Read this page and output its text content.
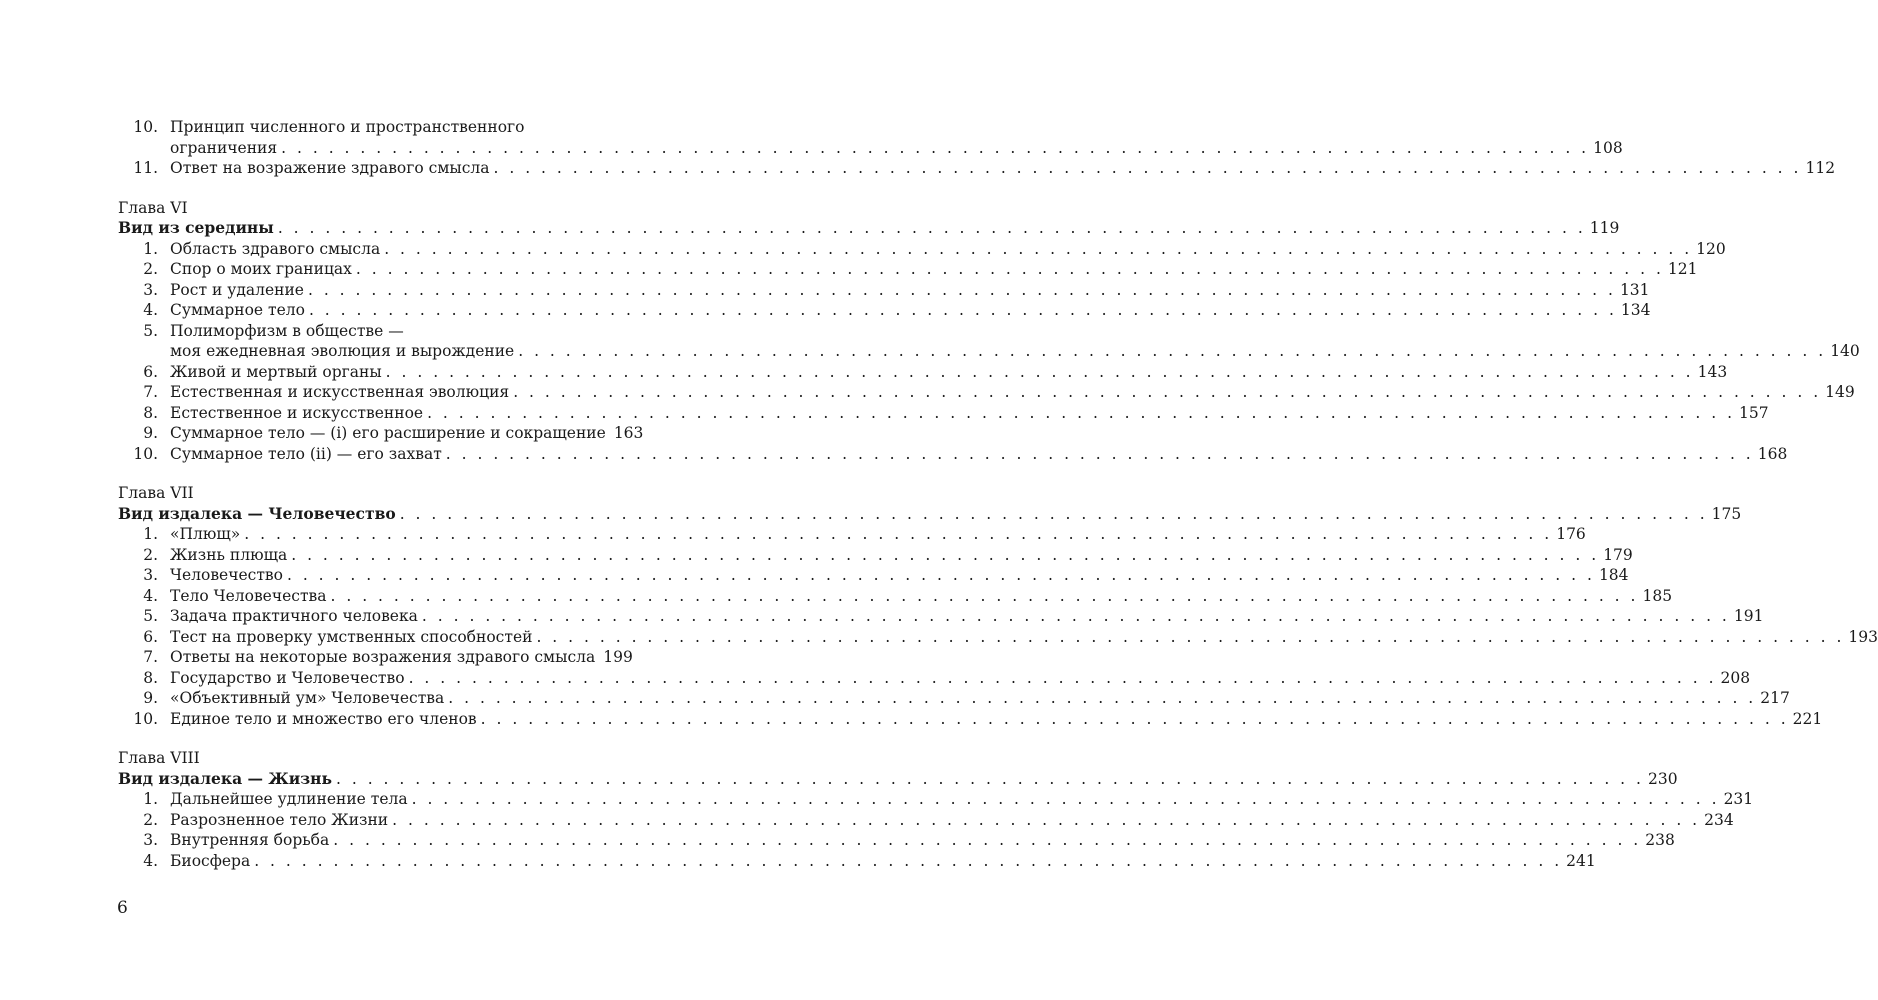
10. Принцип численного и пространственного
ограничения . . .	108
11. Ответ на возражение здравого смысла . . .	112
Глава VI
Вид из середины . . .	119
1. Область здравого смысла . . .	120
2. Спор о моих границах . . .	121
3. Рост и удаление . . .	131
4. Суммарное тело . . .	134
5. Полиморфизм в обществе —
моя ежедневная эволюция и вырождение . . .	140
6. Живой и мертвый органы . . .	143
7. Естественная и искусственная эволюция . . .	149
8. Естественное и искусственное . . .	157
9. Суммарное тело — (i) его расширение и сокращение 163
10. Суммарное тело (ii) — его захват . . .	168
Глава VII
Вид издалека — Человечество . . .	175
1. «Плющ» . . .	176
2. Жизнь плюща . . .	179
3. Человечество . . .	184
4. Тело Человечества . . .	185
5. Задача практичного человека . . .	191
6. Тест на проверку умственных способностей . . .	193
7. Ответы на некоторые возражения здравого смысла 199
8. Государство и Человечество . . .	208
9. «Объективный ум» Человечества . . .	217
10. Единое тело и множество его членов . . .	221
Глава VIII
Вид издалека — Жизнь . . .	230
1. Дальнейшее удлинение тела . . .	231
2. Разрозненное тело Жизни . . .	234
3. Внутренняя борьба . . .	238
4. Биосфера . . .	241
6
